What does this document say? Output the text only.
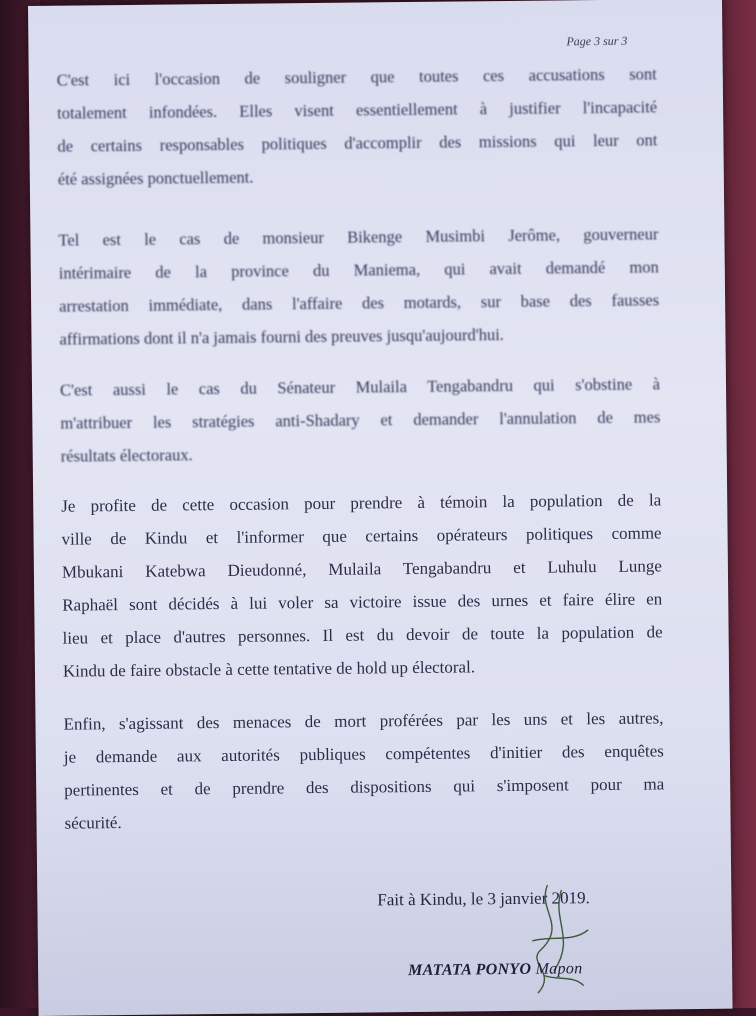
Page 3 sur 3

C'est ici l'occasion de souligner que toutes ces accusations sont
totalement infondées. Elles visent essentiellement à justifier l'incapacité
de certains responsables politiques d'accomplir des missions qui leur ont
été assignées ponctuellement.

Tel est le cas de monsieur Bikenge Musimbi Jerôme, gouverneur
intérimaire de la province du Maniema, qui avait demandé mon
arrestation immédiate, dans l'affaire des motards, sur base des fausses
affirmations dont il n'a jamais fourni des preuves jusqu'aujourd'hui.

C'est aussi le cas du Sénateur Mulaila Tengabandru qui s'obstine à
m'attribuer les stratégies anti-Shadary et demander l'annulation de mes
résultats électoraux.

Je profite de cette occasion pour prendre à témoin la population de la
ville de Kindu et l'informer que certains opérateurs politiques comme
Mbukani Katebwa Dieudonné, Mulaila Tengabandru et Luhulu Lunge
Raphaël sont décidés à lui voler sa victoire issue des urnes et faire élire en
lieu et place d'autres personnes. Il est du devoir de toute la population de
Kindu de faire obstacle à cette tentative de hold up électoral.

Enfin, s'agissant des menaces de mort proférées par les uns et les autres,
je demande aux autorités publiques compétentes d'initier des enquêtes
pertinentes et de prendre des dispositions qui s'imposent pour ma
sécurité.

Fait à Kindu, le 3 janvier 2019.
MATATA PONYO Mapon
